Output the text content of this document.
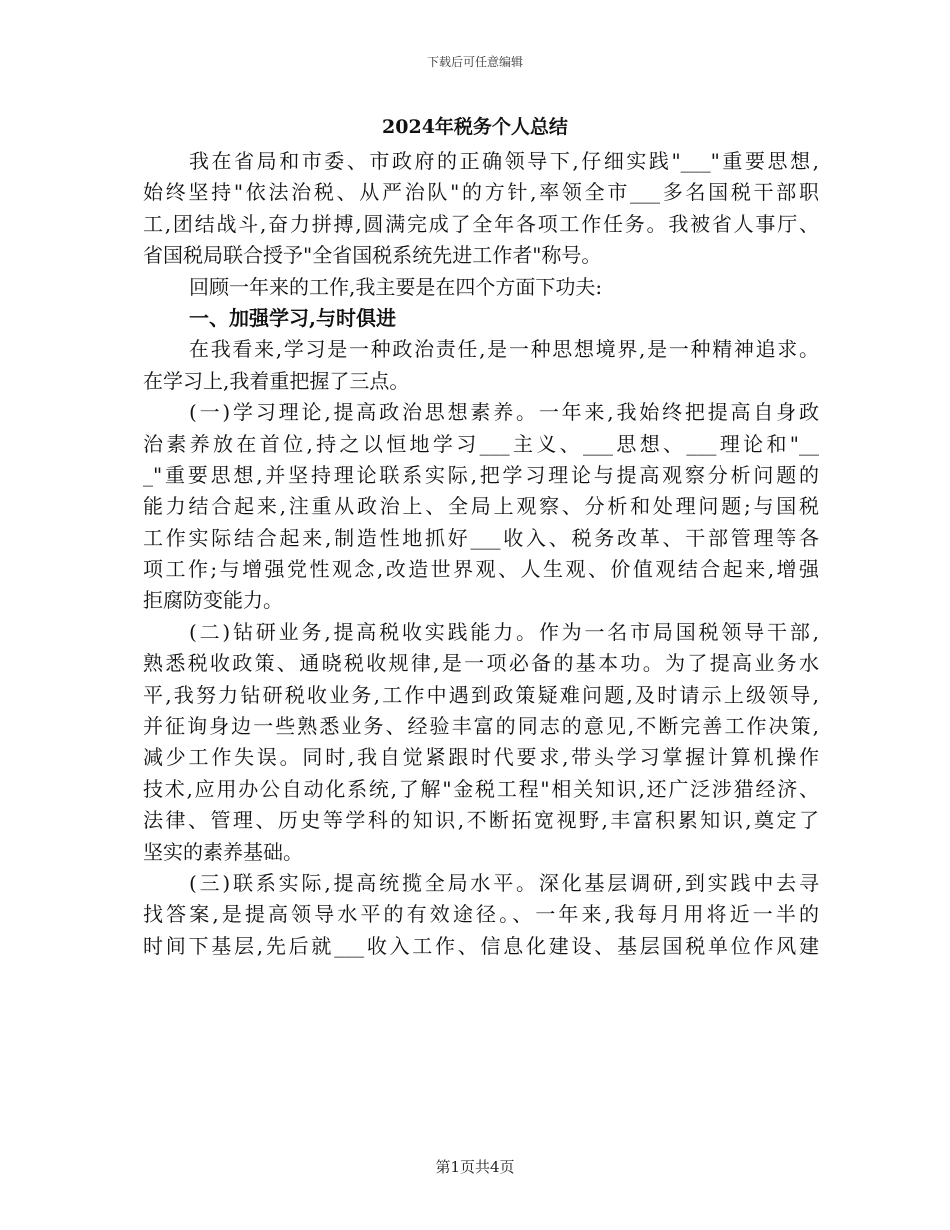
下载后可任意编辑
2024年税务个人总结
我在省局和市委、市政府的正确领导下,仔细实践"___"重要思想,
始终坚持"依法治税、从严治队"的方针,率领全市___多名国税干部职
工,团结战斗,奋力拼搏,圆满完成了全年各项工作任务。我被省人事厅、
省国税局联合授予"全省国税系统先进工作者"称号。
回顾一年来的工作,我主要是在四个方面下功夫:
一、加强学习,与时俱进
在我看来,学习是一种政治责任,是一种思想境界,是一种精神追求。
在学习上,我着重把握了三点。
(一)学习理论,提高政治思想素养。一年来,我始终把提高自身政
治素养放在首位,持之以恒地学习___主义、___思想、___理论和"__
_"重要思想,并坚持理论联系实际,把学习理论与提高观察分析问题的
能力结合起来,注重从政治上、全局上观察、分析和处理问题;与国税
工作实际结合起来,制造性地抓好___收入、税务改革、干部管理等各
项工作;与增强党性观念,改造世界观、人生观、价值观结合起来,增强
拒腐防变能力。
(二)钻研业务,提高税收实践能力。作为一名市局国税领导干部,
熟悉税收政策、通晓税收规律,是一项必备的基本功。为了提高业务水
平,我努力钻研税收业务,工作中遇到政策疑难问题,及时请示上级领导,
并征询身边一些熟悉业务、经验丰富的同志的意见,不断完善工作决策,
减少工作失误。同时,我自觉紧跟时代要求,带头学习掌握计算机操作
技术,应用办公自动化系统,了解"金税工程"相关知识,还广泛涉猎经济、
法律、管理、历史等学科的知识,不断拓宽视野,丰富积累知识,奠定了
坚实的素养基础。
(三)联系实际,提高统揽全局水平。深化基层调研,到实践中去寻
找答案,是提高领导水平的有效途径。、一年来,我每月用将近一半的
时间下基层,先后就___收入工作、信息化建设、基层国税单位作风建
第1页共4页
